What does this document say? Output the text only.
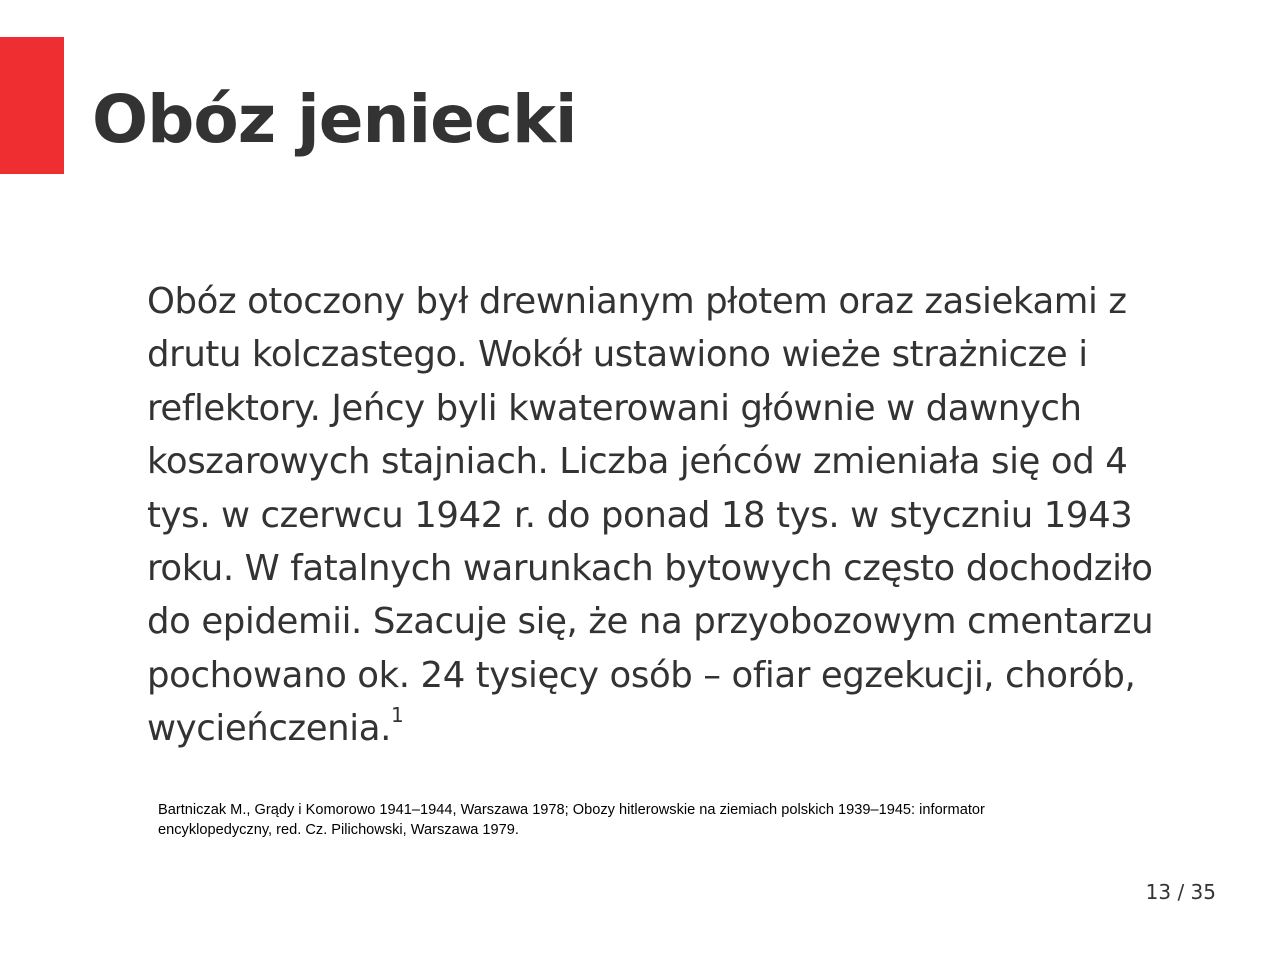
Obóz jeniecki

Obóz otoczony był drewnianym płotem oraz zasiekami z
drutu kolczastego. Wokół ustawiono wieże strażnicze i
reflektory. Jeńcy byli kwaterowani głównie w dawnych
koszarowych stajniach. Liczba jeńców zmieniała się od 4
tys. w czerwcu 1942 r. do ponad 18 tys. w styczniu 1943
roku. W fatalnych warunkach bytowych często dochodziło
do epidemii. Szacuje się, że na przyobozowym cmentarzu
pochowano ok. 24 tysięcy osób – ofiar egzekucji, chorób,
wycieńczenia.$^1$

Bartniczak M., Grądy i Komorowo 1941–1944, Warszawa 1978; Obozy hitlerowskie na ziemiach polskich 1939–1945: informator
encyklopedyczny, red. Cz. Pilichowski, Warszawa 1979.
13 / 35
